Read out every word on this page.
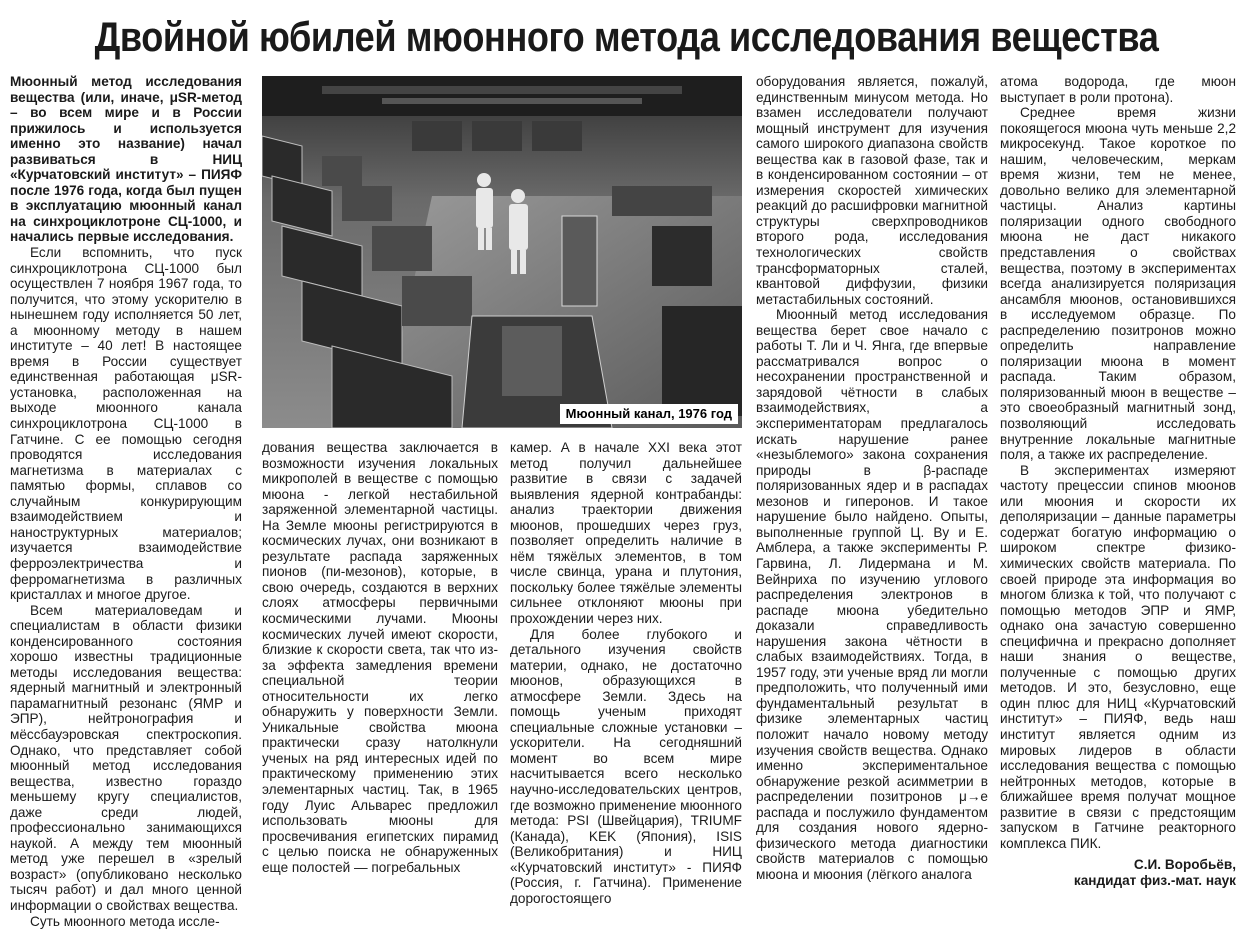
Двойной юбилей мюонного метода исследования вещества

Мюонный метод исследования вещества (или, иначе, μSR-метод – во всем мире и в России прижилось и используется именно это название) начал развиваться в НИЦ «Курчатовский институт» – ПИЯФ после 1976 года, когда был пущен в эксплуатацию мюонный канал на синхроциклотроне СЦ-1000, и начались первые исследования.

Если вспомнить, что пуск синхроциклотрона СЦ-1000 был осуществлен 7 ноября 1967 года, то получится, что этому ускорителю в нынешнем году исполняется 50 лет, а мюонному методу в нашем институте – 40 лет! В настоящее время в России существует единственная работающая μSR-установка, расположенная на выходе мюонного канала синхроциклотрона СЦ-1000 в Гатчине. С ее помощью сегодня проводятся исследования магнетизма в материалах с памятью формы, сплавов со случайным конкурирующим взаимодействием и наноструктурных материалов; изучается взаимодействие ферроэлектричества и ферромагнетизма в различных кристаллах и многое другое.

Всем материаловедам и специалистам в области физики конденсированного состояния хорошо известны традиционные методы исследования вещества: ядерный магнитный и электронный парамагнитный резонанс (ЯМР и ЭПР), нейтронография и мёссбауэровская спектроскопия. Однако, что представляет собой мюонный метод исследования вещества, известно гораздо меньшему кругу специалистов, даже среди людей, профессионально занимающихся наукой. А между тем мюонный метод уже перешел в «зрелый возраст» (опубликовано несколько тысяч работ) и дал много ценной информации о свойствах вещества.

Суть мюонного метода иссле-

Мюонный канал, 1976 год

дования вещества заключается в возможности изучения локальных микрополей в веществе с помощью мюона - легкой нестабильной заряженной элементарной частицы. На Земле мюоны регистрируются в космических лучах, они возникают в результате распада заряженных пионов (пи-мезонов), которые, в свою очередь, создаются в верхних слоях атмосферы первичными космическими лучами. Мюоны космических лучей имеют скорости, близкие к скорости света, так что из-за эффекта замедления времени специальной теории относительности их легко обнаружить у поверхности Земли. Уникальные свойства мюона практически сразу натолкнули ученых на ряд интересных идей по практическому применению этих элементарных частиц. Так, в 1965 году Луис Альварес предложил использовать мюоны для просвечивания египетских пирамид с целью поиска не обнаруженных еще полостей — погребальных

камер. А в начале XXI века этот метод получил дальнейшее развитие в связи с задачей выявления ядерной контрабанды: анализ траектории движения мюонов, прошедших через груз, позволяет определить наличие в нём тяжёлых элементов, в том числе свинца, урана и плутония, поскольку более тяжёлые элементы сильнее отклоняют мюоны при прохождении через них.

Для более глубокого и детального изучения свойств материи, однако, не достаточно мюонов, образующихся в атмосфере Земли. Здесь на помощь ученым приходят специальные сложные установки – ускорители. На сегодняшний момент во всем мире насчитывается всего несколько научно-исследовательских центров, где возможно применение мюонного метода: PSI (Швейцария), TRIUMF (Канада), KEK (Япония), ISIS (Великобритания) и НИЦ «Курчатовский институт» - ПИЯФ (Россия, г. Гатчина). Применение дорогостоящего

оборудования является, пожалуй, единственным минусом метода. Но взамен исследователи получают мощный инструмент для изучения самого широкого диапазона свойств вещества как в газовой фазе, так и в конденсированном состоянии – от измерения скоростей химических реакций до расшифровки магнитной структуры сверхпроводников второго рода, исследования технологических свойств трансформаторных сталей, квантовой диффузии, физики метастабильных состояний.

Мюонный метод исследования вещества берет свое начало с работы Т. Ли и Ч. Янга, где впервые рассматривался вопрос о несохранении пространственной и зарядовой чётности в слабых взаимодействиях, а экспериментаторам предлагалось искать нарушение ранее «незыблемого» закона сохранения природы в β-распаде поляризованных ядер и в распадах мезонов и гиперонов. И такое нарушение было найдено. Опыты, выполненные группой Ц. Ву и Е. Амблера, а также эксперименты Р. Гарвина, Л. Лидермана и М. Вейнриха по изучению углового распределения электронов в распаде мюона убедительно доказали справедливость нарушения закона чётности в слабых взаимодействиях. Тогда, в 1957 году, эти ученые вряд ли могли предположить, что полученный ими фундаментальный результат в физике элементарных частиц положит начало новому методу изучения свойств вещества. Однако именно экспериментальное обнаружение резкой асимметрии в распределении позитронов μ→e распада и послужило фундаментом для создания нового ядерно-физического метода диагностики свойств материалов с помощью мюона и мюония (лёгкого аналога

атома водорода, где мюон выступает в роли протона).

Среднее время жизни покоящегося мюона чуть меньше 2,2 микросекунд. Такое короткое по нашим, человеческим, меркам время жизни, тем не менее, довольно велико для элементарной частицы. Анализ картины поляризации одного свободного мюона не даст никакого представления о свойствах вещества, поэтому в экспериментах всегда анализируется поляризация ансамбля мюонов, остановившихся в исследуемом образце. По распределению позитронов можно определить направление поляризации мюона в момент распада. Таким образом, поляризованный мюон в веществе – это своеобразный магнитный зонд, позволяющий исследовать внутренние локальные магнитные поля, а также их распределение.

В экспериментах измеряют частоту прецессии спинов мюонов или мюония и скорости их деполяризации – данные параметры содержат богатую информацию о широком спектре физико-химических свойств материала. По своей природе эта информация во многом близка к той, что получают с помощью методов ЭПР и ЯМР, однако она зачастую совершенно специфична и прекрасно дополняет наши знания о веществе, полученные с помощью других методов. И это, безусловно, еще один плюс для НИЦ «Курчатовский институт» – ПИЯФ, ведь наш институт является одним из мировых лидеров в области исследования вещества с помощью нейтронных методов, которые в ближайшее время получат мощное развитие в связи с предстоящим запуском в Гатчине реакторного комплекса ПИК.

С.И. Воробьёв,

кандидат физ.-мат. наук
